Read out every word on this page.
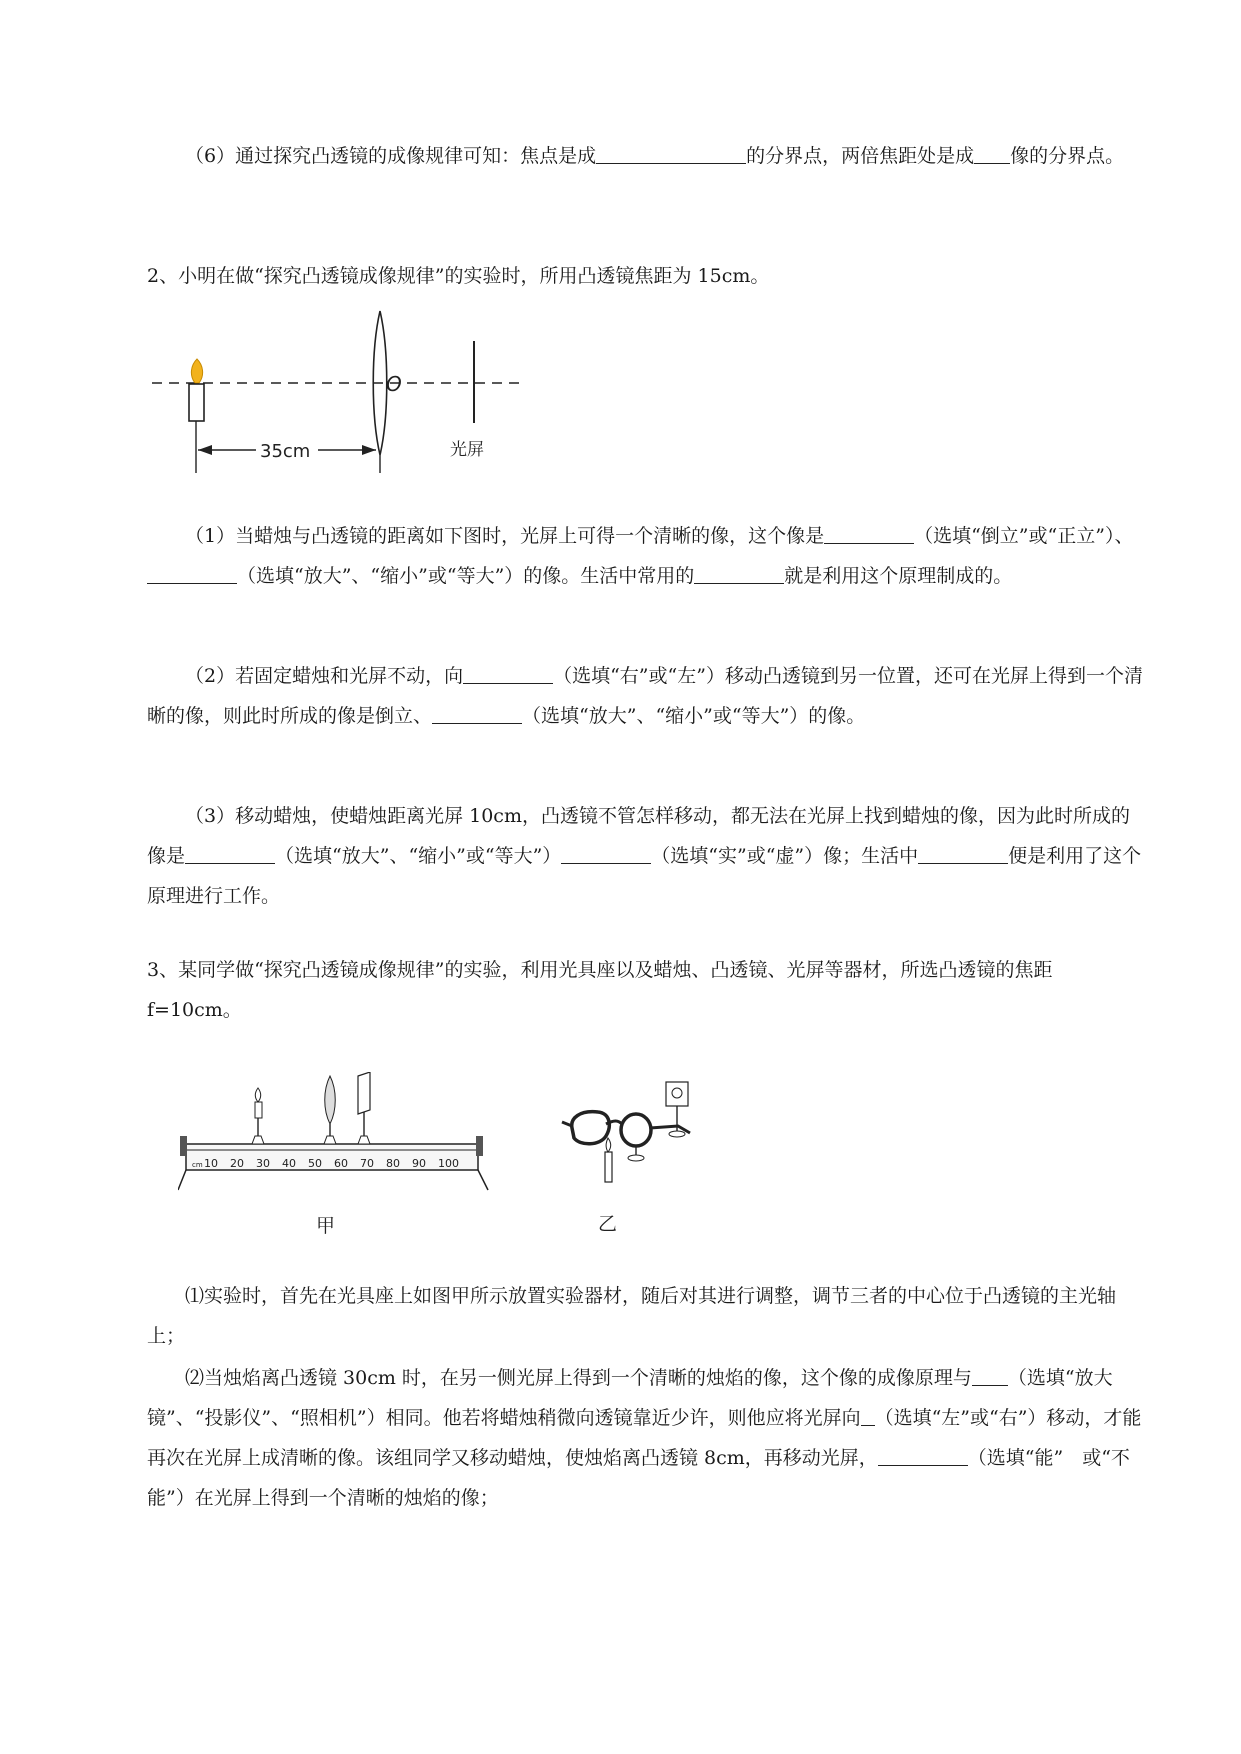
（6）通过探究凸透镜的成像规律可知：焦点是成	的分界点，两倍焦距处是成 像的分界点。

2、小明在做“探究凸透镜成像规律”的实验时，所用凸透镜焦距为 15cm。

O
光屏
35cm

（1）当蜡烛与凸透镜的距离如下图时，光屏上可得一个清晰的像，这个像是	（选填“倒立”或“正立”）、（选填“放大”、“缩小”或“等大”）的像。生活中常用的	就是利用这个原理制成的。

（2）若固定蜡烛和光屏不动，向	（选填“右”或“左”）移动凸透镜到另一位置，还可在光屏上得到一个清晰的像，则此时所成的像是倒立、	（选填“放大”、“缩小”或“等大”）的像。

（3）移动蜡烛，使蜡烛距离光屏 10cm，凸透镜不管怎样移动，都无法在光屏上找到蜡烛的像，因为此时所成的像是	（选填“放大”、“缩小”或“等大”）	（选填“实”或“虚”）像；生活中	便是利用了这个原理进行工作。

3、某同学做“探究凸透镜成像规律”的实验，利用光具座以及蜡烛、凸透镜、光屏等器材，所选凸透镜的焦距 f=10cm。

cm 10 20 30 40 50 60 70 80 90 100
甲	乙

⑴实验时，首先在光具座上如图甲所示放置实验器材，随后对其进行调整，调节三者的中心位于凸透镜的主光轴上；

⑵当烛焰离凸透镜 30cm 时，在另一侧光屏上得到一个清晰的烛焰的像，这个像的成像原理与 （选填“放大镜”、“投影仪”、“照相机”）相同。他若将蜡烛稍微向透镜靠近少许，则他应将光屏向 （选填“左”或“右”）移动，才能再次在光屏上成清晰的像。该组同学又移动蜡烛，使烛焰离凸透镜 8cm，再移动光屏，	（选填“能”　或“不能”）在光屏上得到一个清晰的烛焰的像；
